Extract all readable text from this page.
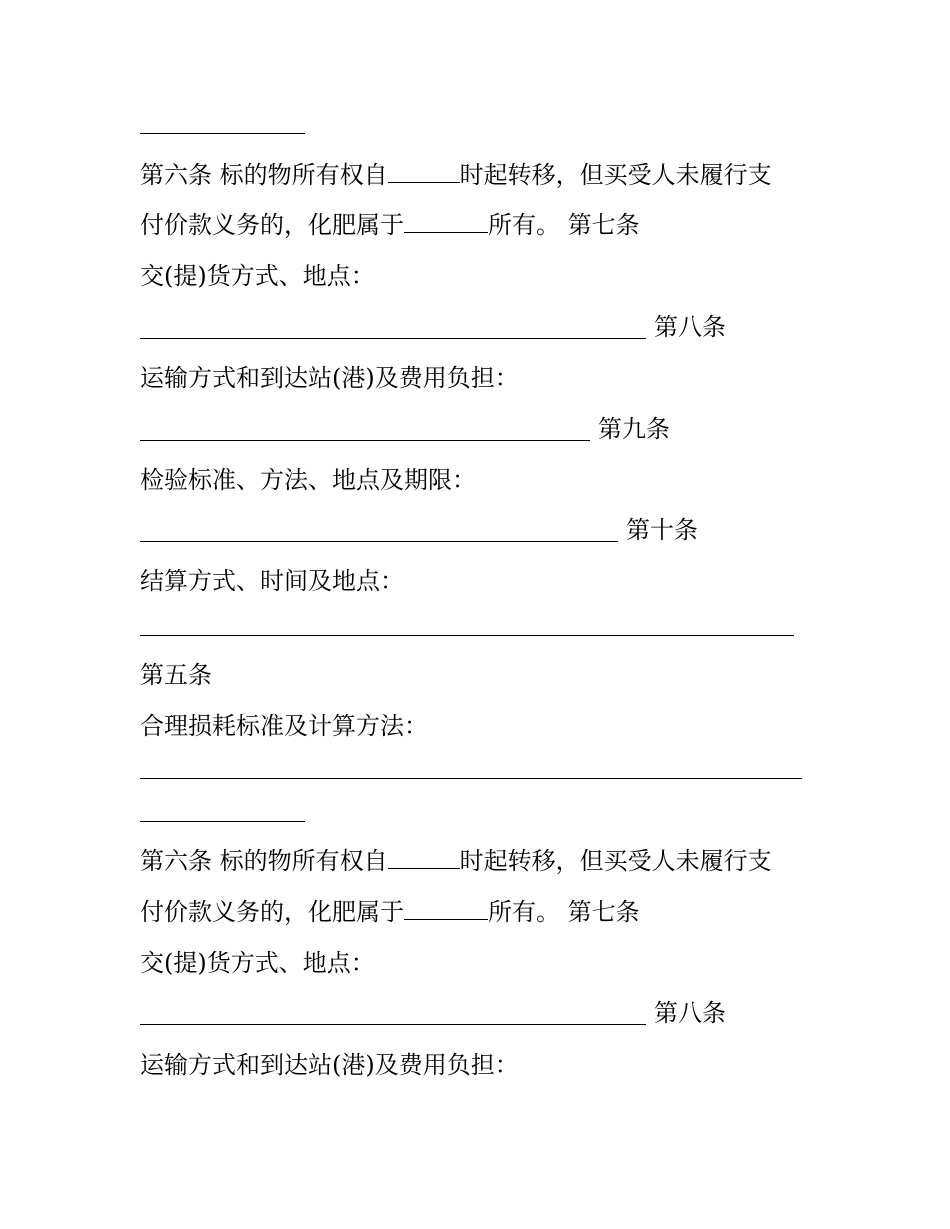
第六条 标的物所有权自	时起转移，但买受人未履行支
付价款义务的，化肥属于	所有。 第七条
交(提)货方式、地点：
第八条
运输方式和到达站(港)及费用负担：
第九条
检验标准、方法、地点及期限：
第十条
结算方式、时间及地点：
第五条
合理损耗标准及计算方法：
第六条 标的物所有权自	时起转移，但买受人未履行支
付价款义务的，化肥属于	所有。 第七条
交(提)货方式、地点：
第八条
运输方式和到达站(港)及费用负担：
